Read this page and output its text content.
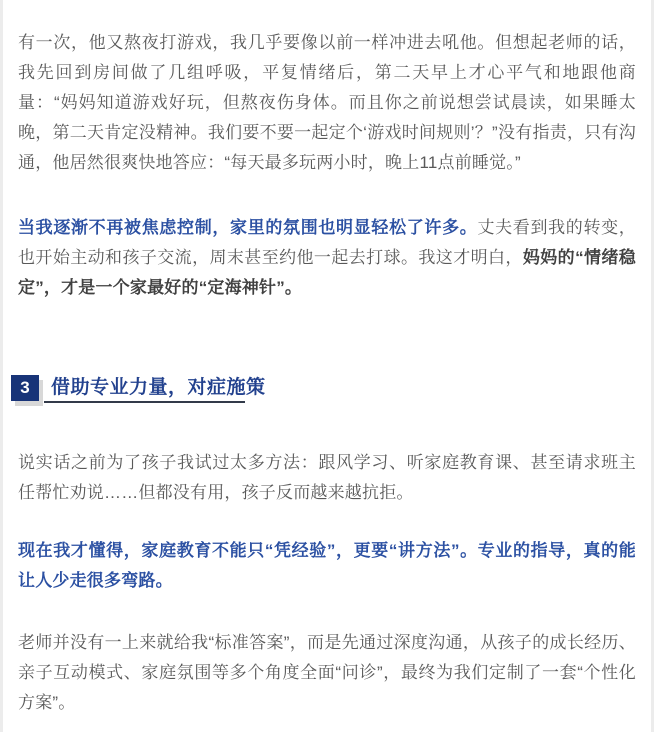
有一次，他又熬夜打游戏，我几乎要像以前一样冲进去吼他。但想起老师的话，我先回到房间做了几组呼吸，平复情绪后，第二天早上才心平气和地跟他商量：“妈妈知道游戏好玩，但熬夜伤身体。而且你之前说想尝试晨读，如果睡太晚，第二天肯定没精神。我们要不要一起定个‘游戏时间规则’？”没有指责，只有沟通，他居然很爽快地答应：“每天最多玩两小时，晚上11点前睡觉。”

当我逐渐不再被焦虑控制，家里的氛围也明显轻松了许多。丈夫看到我的转变，也开始主动和孩子交流，周末甚至约他一起去打球。我这才明白，妈妈的“情绪稳定”，才是一个家最好的“定海神针”。

3	借助专业力量，对症施策

说实话之前为了孩子我试过太多方法：跟风学习、听家庭教育课、甚至请求班主任帮忙劝说……但都没有用，孩子反而越来越抗拒。

现在我才懂得，家庭教育不能只“凭经验”，更要“讲方法”。专业的指导，真的能让人少走很多弯路。

老师并没有一上来就给我“标准答案”，而是先通过深度沟通，从孩子的成长经历、亲子互动模式、家庭氛围等多个角度全面“问诊”，最终为我们定制了一套“个性化方案”。
